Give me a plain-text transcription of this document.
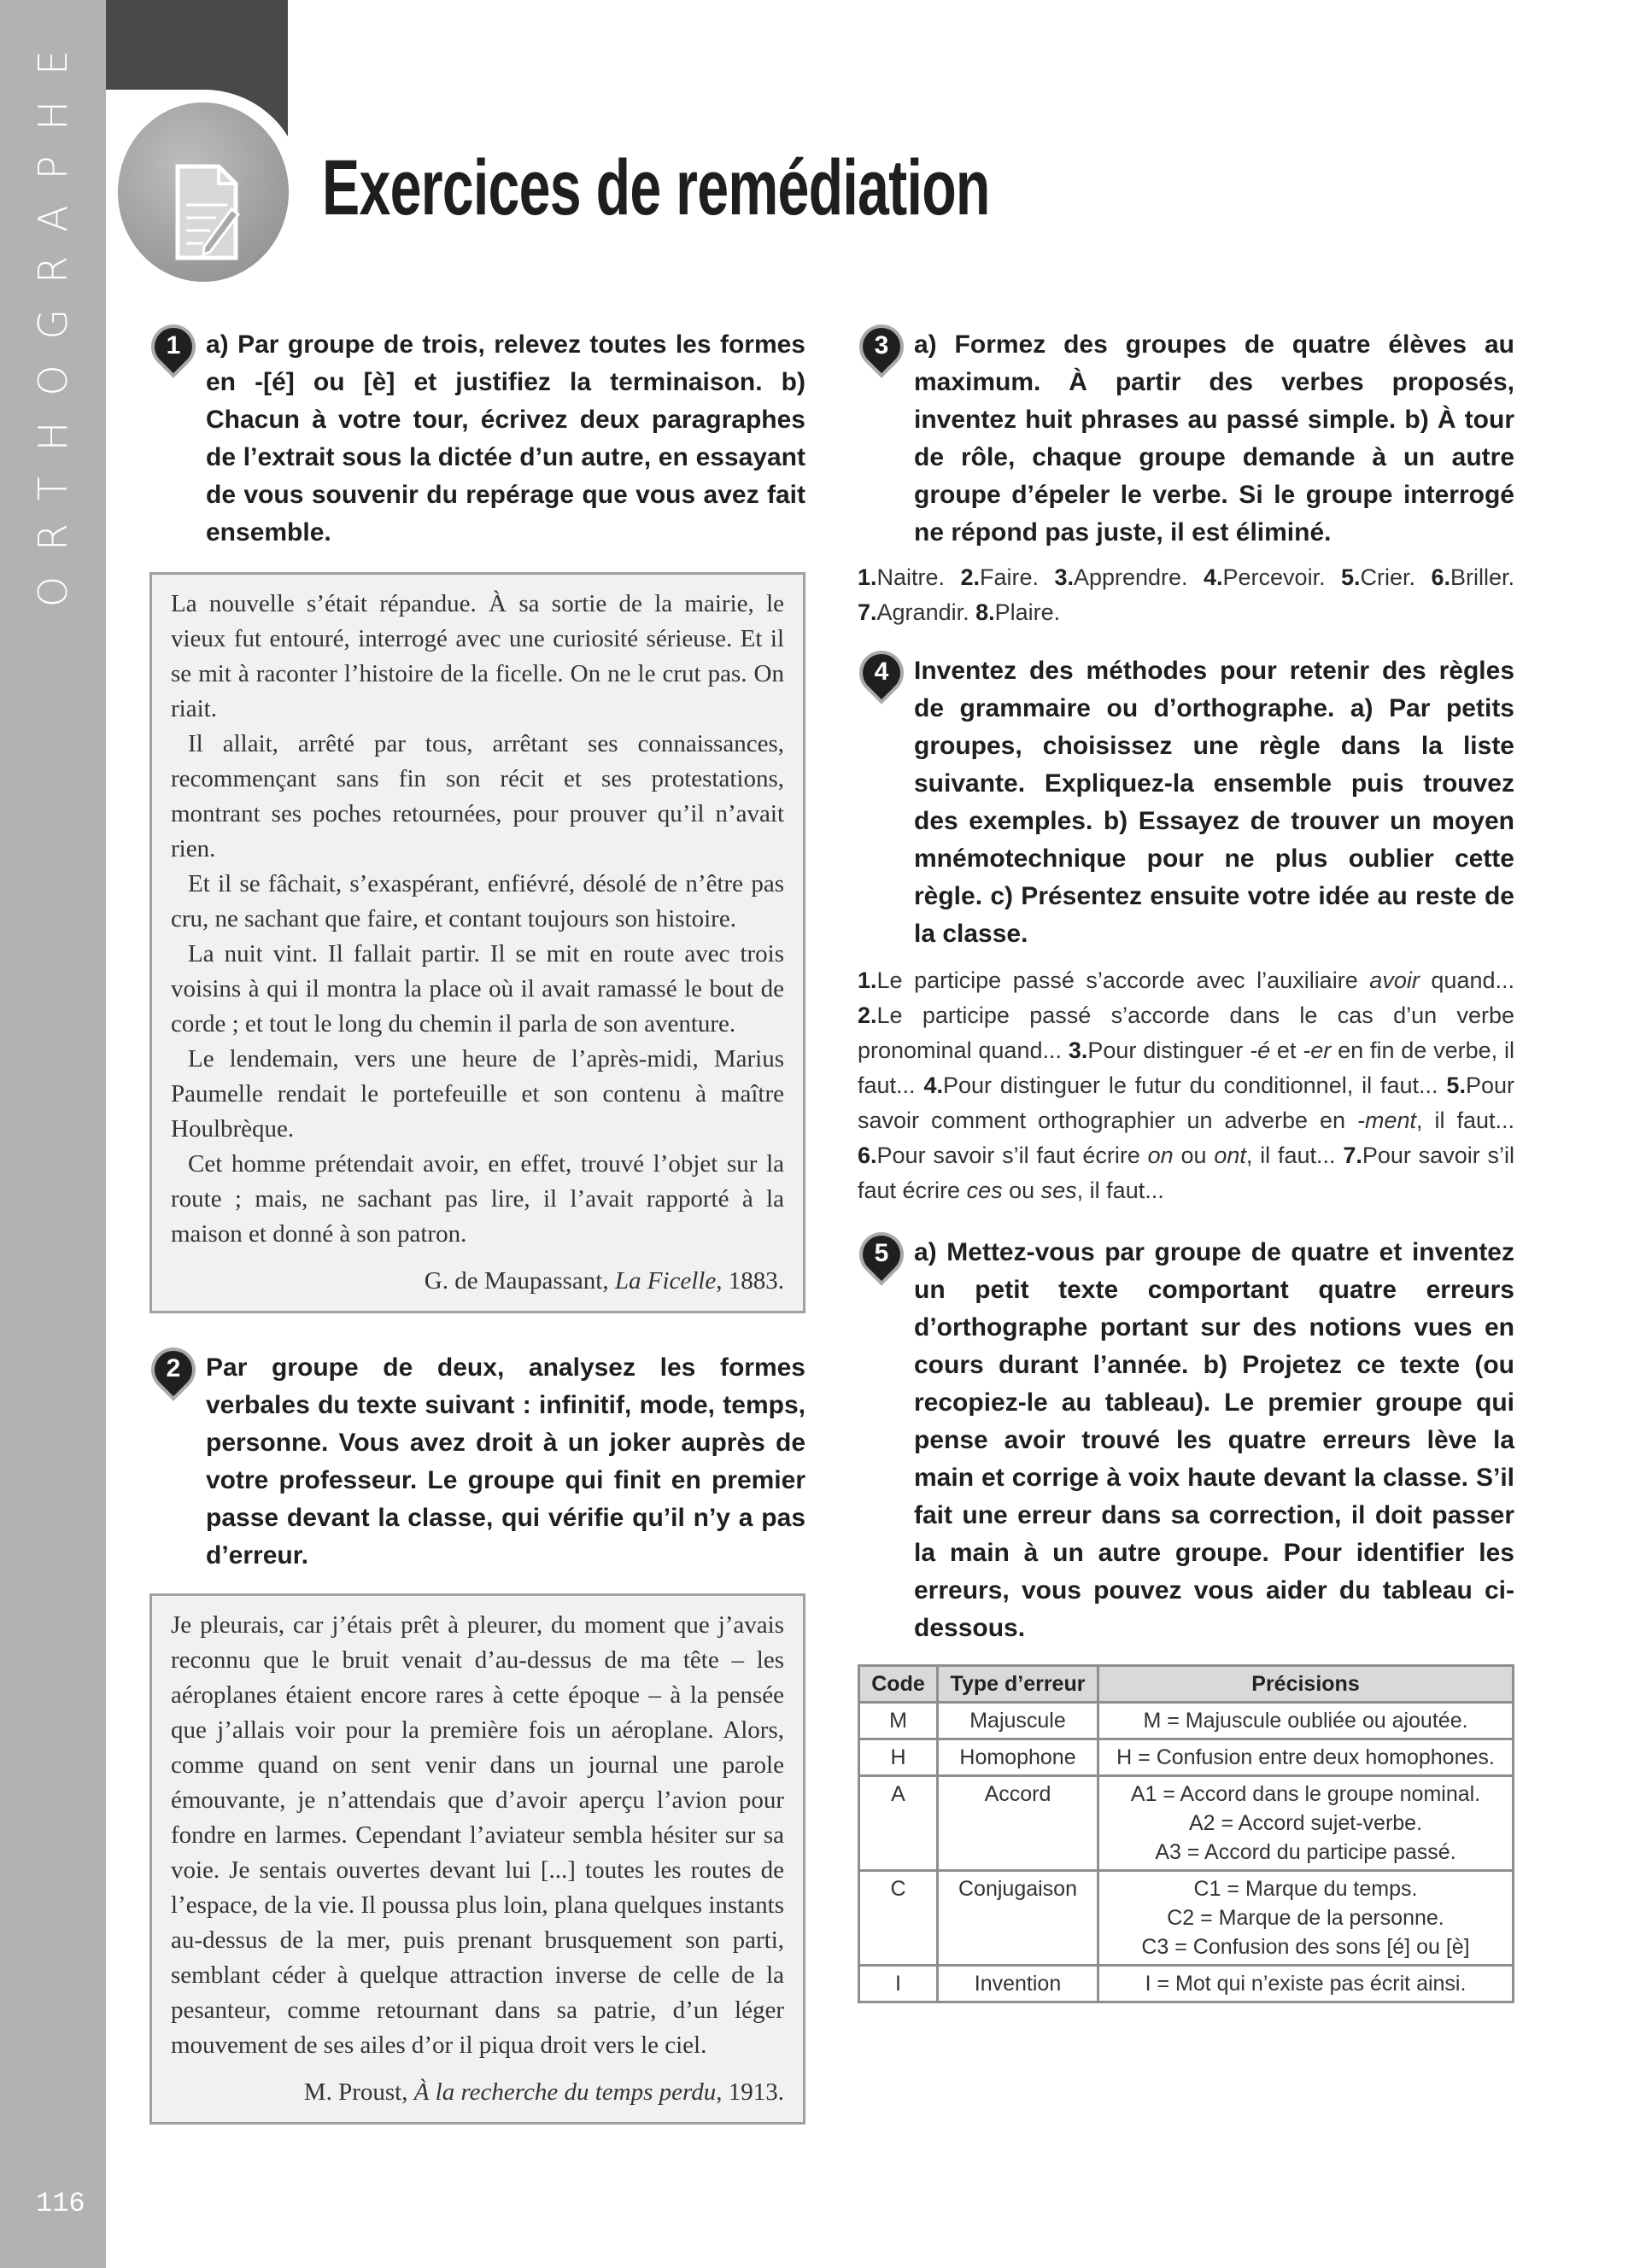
ORTHOGRAPHE
116
Exercices de remédiation
1 a) Par groupe de trois, relevez toutes les formes en -[é] ou [è] et justifiez la terminaison. b) Chacun à votre tour, écrivez deux paragraphes de l’extrait sous la dictée d’un autre, en essayant de vous souvenir du repérage que vous avez fait ensemble.

La nouvelle s’était répandue. À sa sortie de la mairie, le vieux fut entouré, interrogé avec une curiosité sérieuse. Et il se mit à raconter l’histoire de la ficelle. On ne le crut pas. On riait.

Il allait, arrêté par tous, arrêtant ses connaissances, recommençant sans fin son récit et ses protestations, montrant ses poches retournées, pour prouver qu’il n’avait rien.

Et il se fâchait, s’exaspérant, enfiévré, désolé de n’être pas cru, ne sachant que faire, et contant toujours son histoire.

La nuit vint. Il fallait partir. Il se mit en route avec trois voisins à qui il montra la place où il avait ramassé le bout de corde ; et tout le long du chemin il parla de son aventure.

Le lendemain, vers une heure de l’après-midi, Marius Paumelle rendait le portefeuille et son contenu à maître Houlbrèque.

Cet homme prétendait avoir, en effet, trouvé l’objet sur la route ; mais, ne sachant pas lire, il l’avait rapporté à la maison et donné à son patron.

G. de Maupassant, La Ficelle, 1883.

2 Par groupe de deux, analysez les formes verbales du texte suivant : infinitif, mode, temps, personne. Vous avez droit à un joker auprès de votre professeur. Le groupe qui finit en premier passe devant la classe, qui vérifie qu’il n’y a pas d’erreur.

Je pleurais, car j’étais prêt à pleurer, du moment que j’avais reconnu que le bruit venait d’au-dessus de ma tête – les aéroplanes étaient encore rares à cette époque – à la pensée que j’allais voir pour la première fois un aéroplane. Alors, comme quand on sent venir dans un journal une parole émouvante, je n’attendais que d’avoir aperçu l’avion pour fondre en larmes. Cependant l’aviateur sembla hésiter sur sa voie. Je sentais ouvertes devant lui [...] toutes les routes de l’espace, de la vie. Il poussa plus loin, plana quelques instants au-dessus de la mer, puis prenant brusquement son parti, semblant céder à quelque attraction inverse de celle de la pesanteur, comme retournant dans sa patrie, d’un léger mouvement de ses ailes d’or il piqua droit vers le ciel.

M. Proust, À la recherche du temps perdu, 1913.

3 a) Formez des groupes de quatre élèves au maximum. À partir des verbes proposés, inventez huit phrases au passé simple. b) À tour de rôle, chaque groupe demande à un autre groupe d’épeler le verbe. Si le groupe interrogé ne répond pas juste, il est éliminé.
1.Naitre. 2.Faire. 3.Apprendre. 4.Percevoir. 5.Crier. 6.Briller. 7.Agrandir. 8.Plaire.
4 Inventez des méthodes pour retenir des règles de grammaire ou d’orthographe. a) Par petits groupes, choisissez une règle dans la liste suivante. Expliquez-la ensemble puis trouvez des exemples. b) Essayez de trouver un moyen mnémotechnique pour ne plus oublier cette règle. c) Présentez ensuite votre idée au reste de la classe.
1.Le participe passé s’accorde avec l’auxiliaire avoir quand... 2.Le participe passé s’accorde dans le cas d’un verbe pronominal quand... 3.Pour distinguer -é et -er en fin de verbe, il faut... 4.Pour distinguer le futur du conditionnel, il faut... 5.Pour savoir comment orthographier un adverbe en -ment, il faut... 6.Pour savoir s’il faut écrire on ou ont, il faut... 7.Pour savoir s’il faut écrire ces ou ses, il faut...
5 a) Mettez-vous par groupe de quatre et inventez un petit texte comportant quatre erreurs d’orthographe portant sur des notions vues en cours durant l’année. b) Projetez ce texte (ou recopiez-le au tableau). Le premier groupe qui pense avoir trouvé les quatre erreurs lève la main et corrige à voix haute devant la classe. S’il fait une erreur dans sa correction, il doit passer la main à un autre groupe. Pour identifier les erreurs, vous pouvez vous aider du tableau ci-dessous.
Code	Type d’erreur	Précisions
M	Majuscule	M = Majuscule oubliée ou ajoutée.

H	Homophone	H = Confusion entre deux homophones.

A	Accord	A1 = Accord dans le groupe nominal.
A2 = Accord sujet-verbe.
A3 = Accord du participe passé.

C	Conjugaison	C1 = Marque du temps.
C2 = Marque de la personne.
C3 = Confusion des sons [é] ou [è]

I	Invention	I = Mot qui n’existe pas écrit ainsi.
